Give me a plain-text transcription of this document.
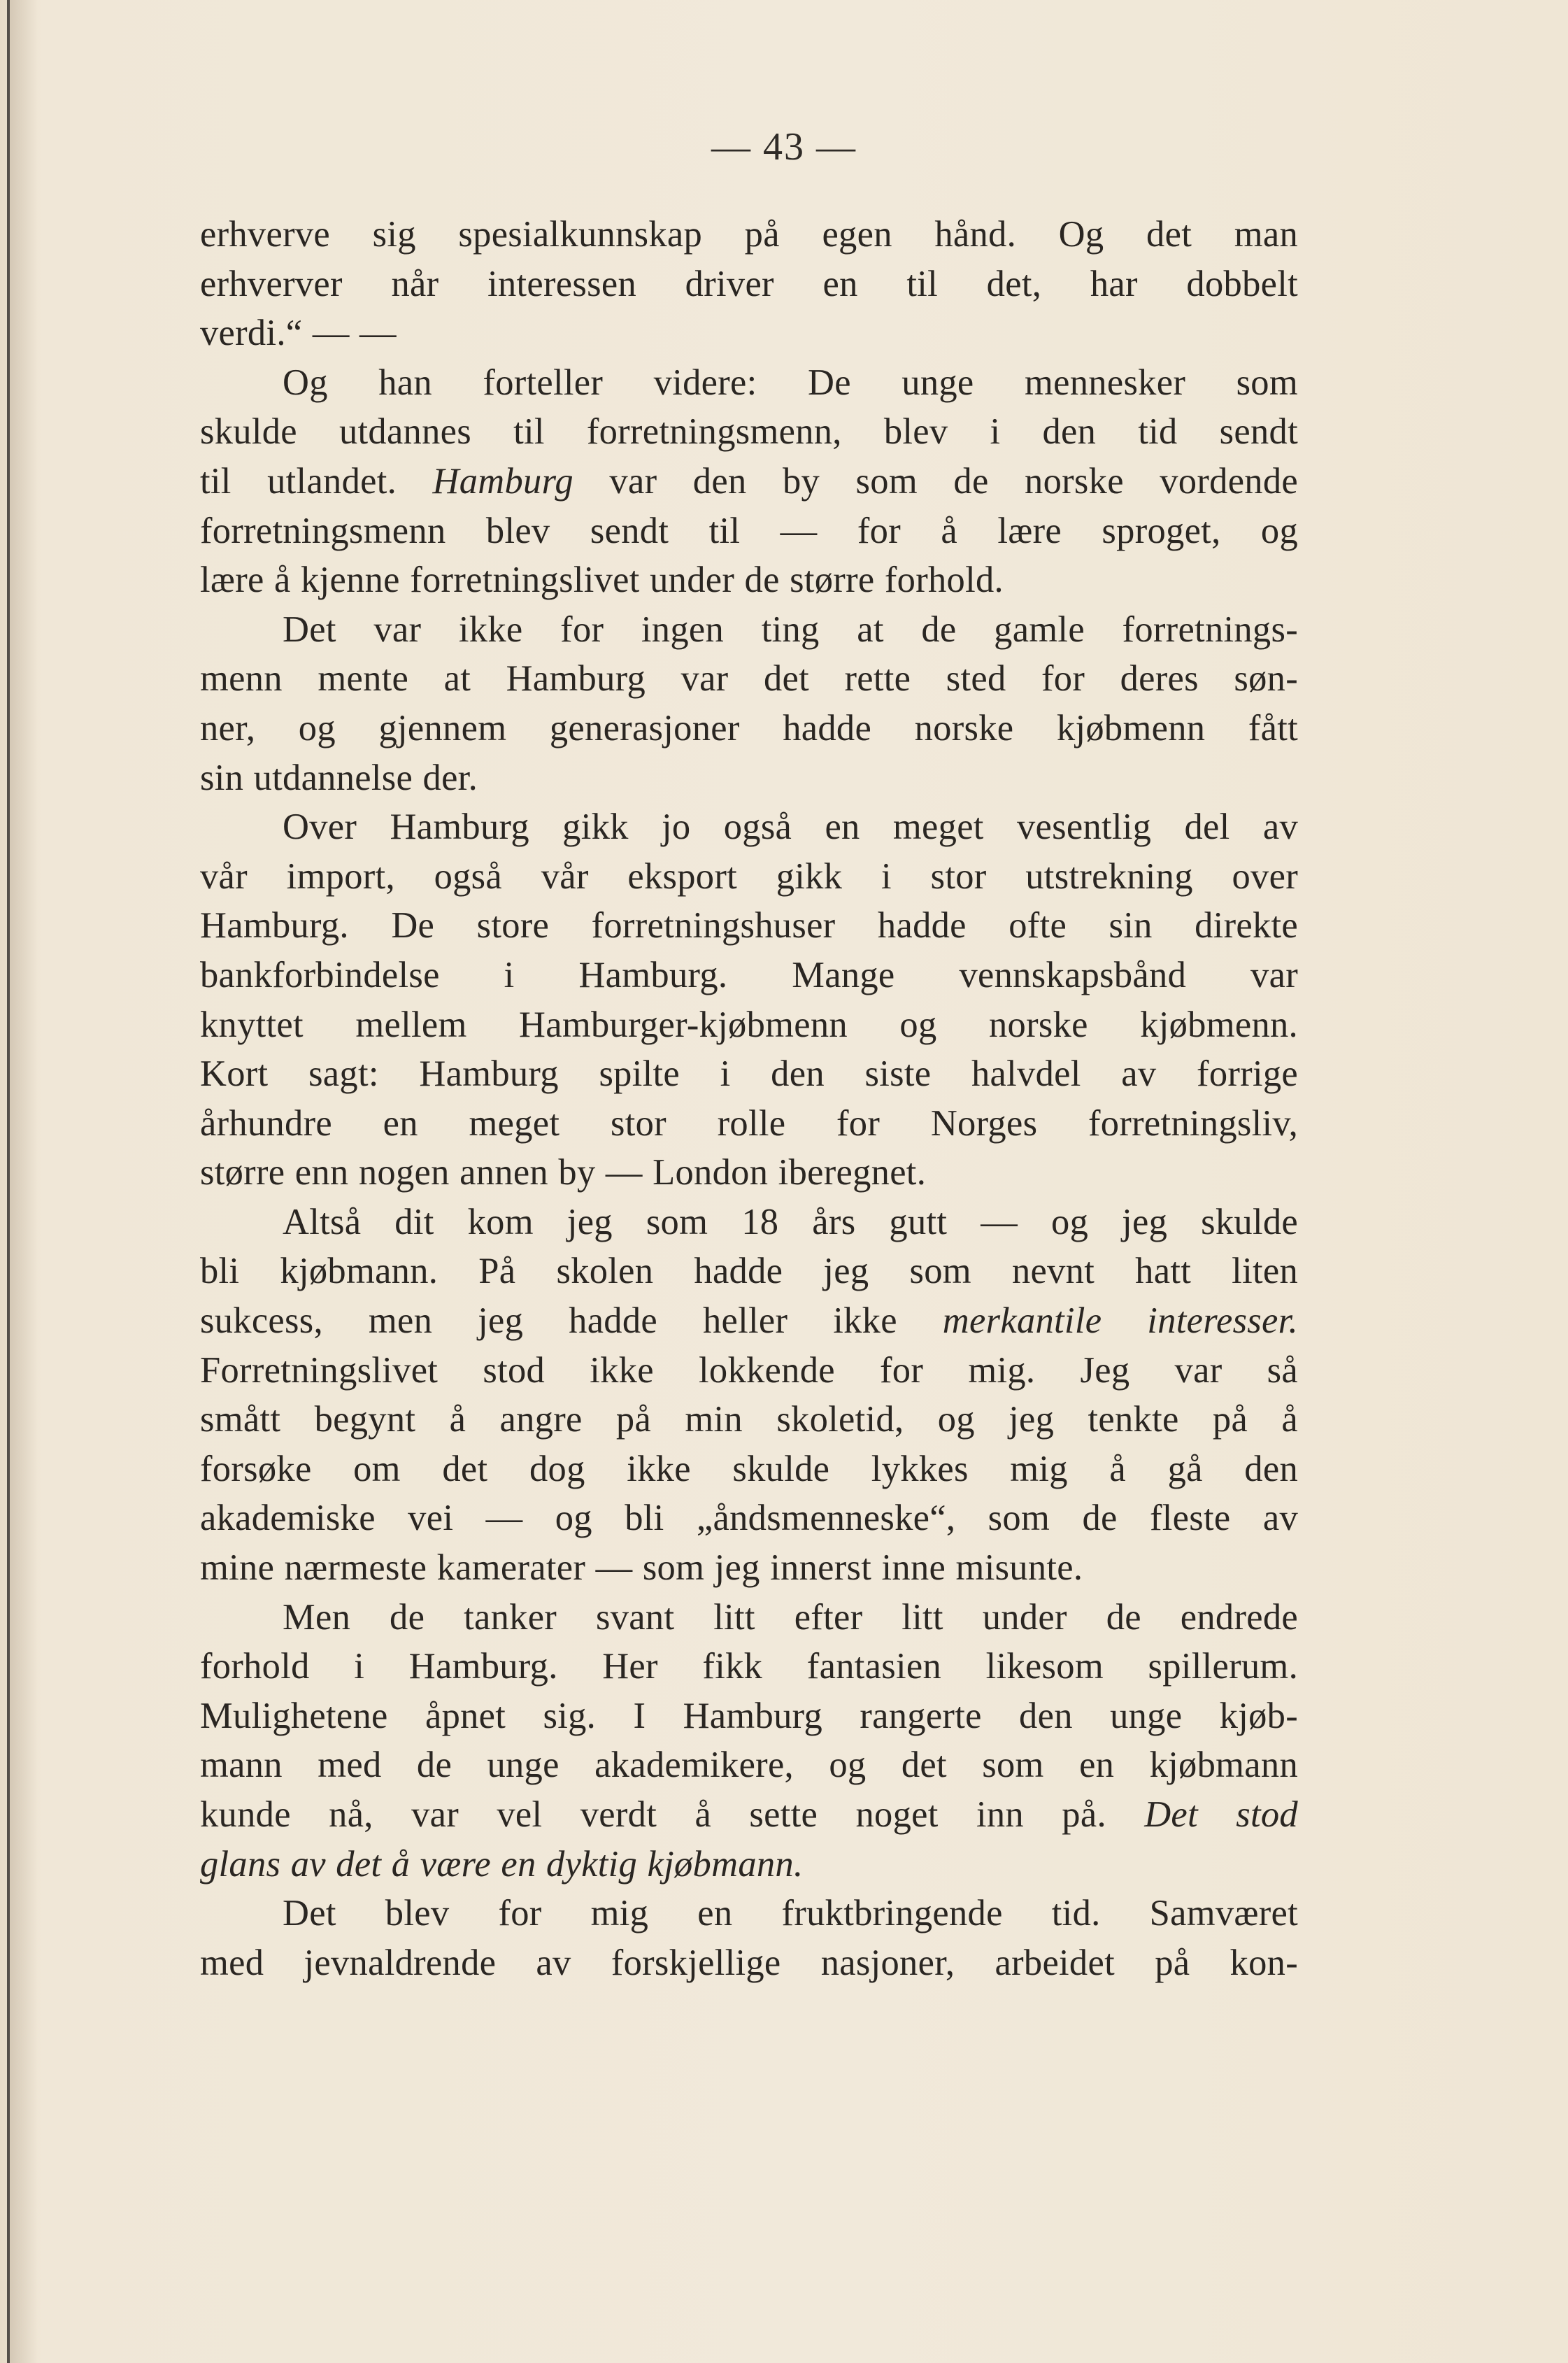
— 43 —
erhverve sig spesialkunnskap på egen hånd. Og det man
erhverver når interessen driver en til det, har dobbelt
verdi.“ — —
Og han forteller videre: De unge mennesker som
skulde utdannes til forretningsmenn, blev i den tid sendt
til utlandet. Hamburg var den by som de norske vordende
forretningsmenn blev sendt til — for å lære sproget, og
lære å kjenne forretningslivet under de større forhold.
Det var ikke for ingen ting at de gamle forretnings-
menn mente at Hamburg var det rette sted for deres søn-
ner, og gjennem generasjoner hadde norske kjøbmenn fått
sin utdannelse der.
Over Hamburg gikk jo også en meget vesentlig del av
vår import, også vår eksport gikk i stor utstrekning over
Hamburg. De store forretningshuser hadde ofte sin direkte
bankforbindelse i Hamburg. Mange vennskapsbånd var
knyttet mellem Hamburger-kjøbmenn og norske kjøbmenn.
Kort sagt: Hamburg spilte i den siste halvdel av forrige
århundre en meget stor rolle for Norges forretningsliv,
større enn nogen annen by — London iberegnet.
Altså dit kom jeg som 18 års gutt — og jeg skulde
bli kjøbmann. På skolen hadde jeg som nevnt hatt liten
sukcess, men jeg hadde heller ikke merkantile interesser.
Forretningslivet stod ikke lokkende for mig. Jeg var så
smått begynt å angre på min skoletid, og jeg tenkte på å
forsøke om det dog ikke skulde lykkes mig å gå den
akademiske vei — og bli „åndsmenneske“, som de fleste av
mine nærmeste kamerater — som jeg innerst inne misunte.
Men de tanker svant litt efter litt under de endrede
forhold i Hamburg. Her fikk fantasien likesom spillerum.
Mulighetene åpnet sig. I Hamburg rangerte den unge kjøb-
mann med de unge akademikere, og det som en kjøbmann
kunde nå, var vel verdt å sette noget inn på. Det stod
glans av det å være en dyktig kjøbmann.
Det blev for mig en fruktbringende tid. Samværet
med jevnaldrende av forskjellige nasjoner, arbeidet på kon-
